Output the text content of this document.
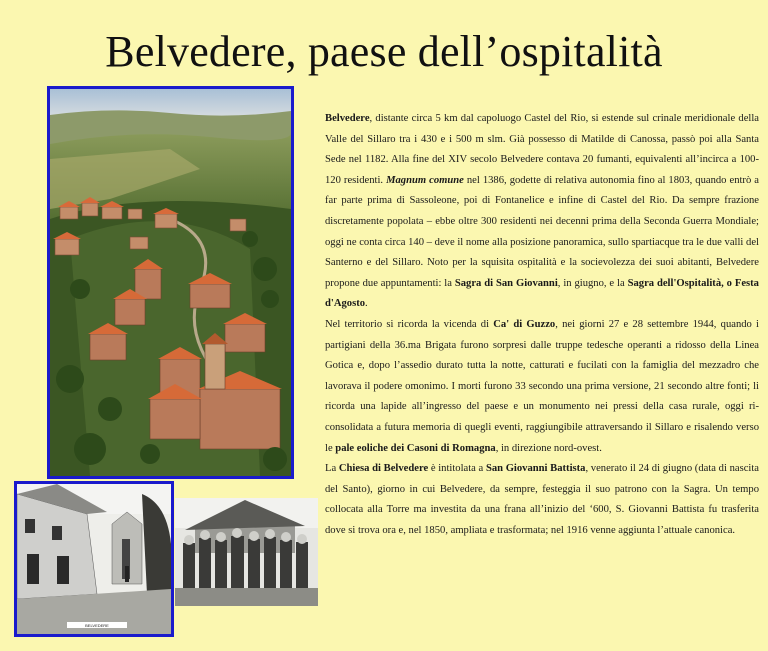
Belvedere, paese dell’ospitalità
BELVEDERE

Belvedere, distante circa 5 km dal capoluogo Castel del Rio, si estende sul crinale meridionale della Valle del Sillaro tra i 430 e i 500 m slm. Già possesso di Matilde di Canossa, passò poi alla Santa Sede nel 1182. Alla fine del XIV secolo Belvedere contava 20 fumanti, equivalenti all’incirca a 100-120 residenti. Magnum comune nel 1386, godette di relativa autonomia fino al 1803, quando entrò a far parte prima di Sassoleone, poi di Fontanelice e infine di Castel del Rio. Da sempre frazione discretamente popolata – ebbe oltre 300 residenti nei decenni prima della Seconda Guerra Mondiale; oggi ne conta circa 140 – deve il nome alla posizione panoramica, sullo spartiacque tra le due valli del Santerno e del Sillaro. Noto per la squisita ospitalità e la socievolezza dei suoi abitanti, Belvedere propone due appuntamenti: la Sagra di San Giovanni, in giugno, e la Sagra dell'Ospitalità, o Festa d'Agosto.

Nel territorio si ricorda la vicenda di Ca' di Guzzo, nei giorni 27 e 28 settembre 1944, quando i partigiani della 36.ma Brigata furono sorpresi dalle truppe tedesche operanti a ridosso della Linea Gotica e, dopo l’assedio durato tutta la notte, catturati e fucilati con la famiglia del mezzadro che lavorava il podere omonimo. I morti furono 33 secondo una prima versione, 21 secondo altre fonti; li ricorda una lapide all’ingresso del paese e un monumento nei pressi della casa rurale, oggi ri-consolidata a futura memoria di quegli eventi, raggiungibile attraversando il Sillaro e risalendo verso le pale eoliche dei Casoni di Romagna, in direzione nord-ovest.

La Chiesa di Belvedere è intitolata a San Giovanni Battista, venerato il 24 di giugno (data di nascita del Santo), giorno in cui Belvedere, da sempre, festeggia il suo patrono con la Sagra. Un tempo collocata alla Torre ma investita da una frana all’inizio del ‘600, S. Giovanni Battista fu trasferita dove si trova ora e, nel 1850, ampliata e trasformata; nel 1916 venne aggiunta l’attuale canonica.
